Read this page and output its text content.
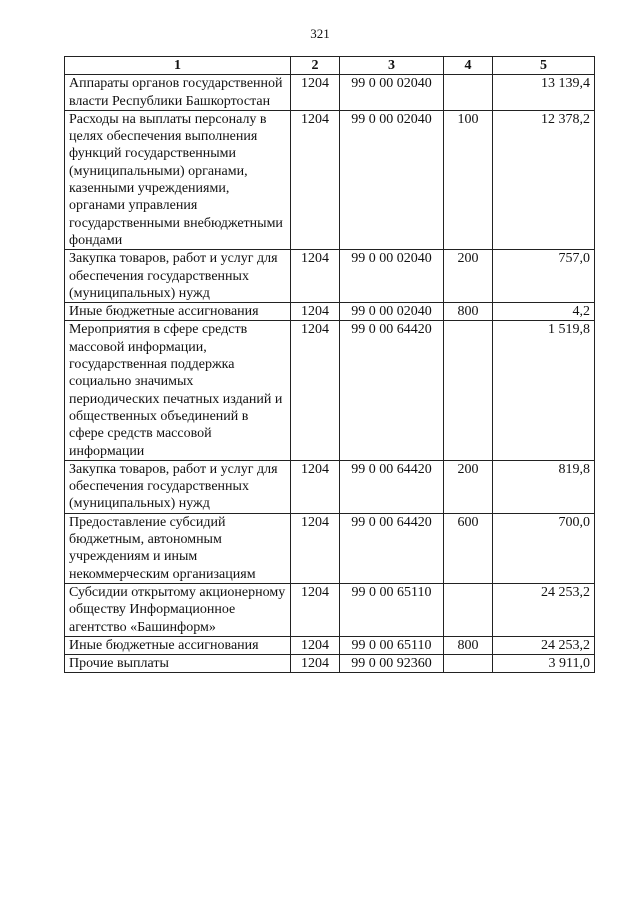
321
1	2	3	4	5
Аппараты органов государственной власти Республики Башкортостан	1204	99 0 00 02040		13 139,4
Расходы на выплаты персоналу в целях обеспечения выполнения функций государственными (муниципальными) органами, казенными учреждениями, органами управления государственными внебюджетными фондами	1204	99 0 00 02040	100	12 378,2
Закупка товаров, работ и услуг для обеспечения государственных (муниципальных) нужд	1204	99 0 00 02040	200	757,0
Иные бюджетные ассигнования	1204	99 0 00 02040	800	4,2
Мероприятия в сфере средств массовой информации, государственная поддержка социально значимых периодических печатных изданий и общественных объединений в сфере средств массовой информации	1204	99 0 00 64420		1 519,8
Закупка товаров, работ и услуг для обеспечения государственных (муниципальных) нужд	1204	99 0 00 64420	200	819,8
Предоставление субсидий бюджетным, автономным учреждениям и иным некоммерческим организациям	1204	99 0 00 64420	600	700,0
Субсидии открытому акционерному обществу Информационное агентство «Башинформ»	1204	99 0 00 65110		24 253,2
Иные бюджетные ассигнования	1204	99 0 00 65110	800	24 253,2
Прочие выплаты	1204	99 0 00 92360		3 911,0
